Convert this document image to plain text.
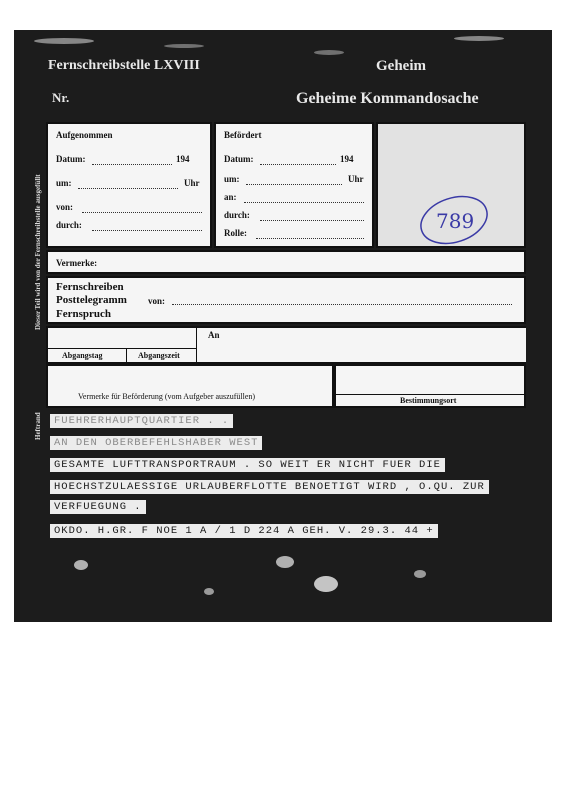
Fernschreibstelle LXVIII
Nr.
Geheim
Geheime Kommandosache
Dieser Teil wird von der Fernschreibstelle ausgefüllt
Heftrand
Aufgenommen
Datum:	194
um:	Uhr
von:
durch:
Befördert
Datum:	194
um:	Uhr
an:
durch:
Rolle:	789
Vermerke:
Fernschreiben
Posttelegramm von:
Fernspruch
An
Abgangstag	Abgangszeit
Vermerke für Beförderung (vom Aufgeber auszufüllen)	Bestimmungsort
FUEHRERHAUPTQUARTIER . .
AN DEN OBERBEFEHLSHABER WEST
GESAMTE LUFTTRANSPORTRAUM . SO WEIT ER NICHT FUER DIE
HOECHSTZULAESSIGE URLAUBERFLOTTE BENOETIGT WIRD , O.QU. ZUR
VERFUEGUNG .
OKDO. H.GR. F NOE 1 A / 1 D 224 A GEH. V. 29.3. 44 +
